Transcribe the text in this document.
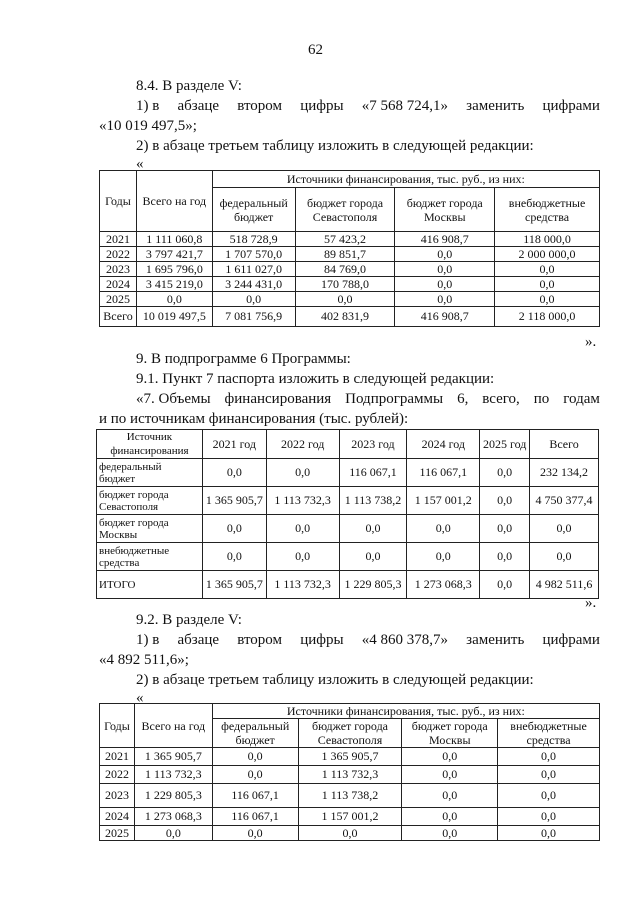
62
8.4. В разделе V:
1) в абзаце втором цифры «7 568 724,1» заменить цифрами
«10 019 497,5»;
2) в абзаце третьем таблицу изложить в следующей редакции:
«
Годы	Всего на год	Источники финансирования, тыс. руб., из них:			
		федеральный бюджет	бюджет города Севастополя	бюджет города Москвы	внебюджетные средства
2021	1 111 060,8	518 728,9	57 423,2	416 908,7	118 000,0
2022	3 797 421,7	1 707 570,0	89 851,7	0,0	2 000 000,0
2023	1 695 796,0	1 611 027,0	84 769,0	0,0	0,0
2024	3 415 219,0	3 244 431,0	170 788,0	0,0	0,0
2025	0,0	0,0	0,0	0,0	0,0
Всего	10 019 497,5	7 081 756,9	402 831,9	416 908,7	2 118 000,0
».
9. В подпрограмме 6 Программы:
9.1. Пункт 7 паспорта изложить в следующей редакции:
«7. Объемы финансирования Подпрограммы 6, всего, по годам
и по источникам финансирования (тыс. рублей):
Источник финансирования	2021 год	2022 год	2023 год	2024 год	2025 год	Всего
федеральный бюджет	0,0	0,0	116 067,1	116 067,1	0,0	232 134,2
бюджет города Севастополя	1 365 905,7	1 113 732,3	1 113 738,2	1 157 001,2	0,0	4 750 377,4
бюджет города Москвы	0,0	0,0	0,0	0,0	0,0	0,0
внебюджетные средства	0,0	0,0	0,0	0,0	0,0	0,0
ИТОГО	1 365 905,7	1 113 732,3	1 229 805,3	1 273 068,3	0,0	4 982 511,6
».
9.2. В разделе V:
1) в абзаце втором цифры «4 860 378,7» заменить цифрами
«4 892 511,6»;
2) в абзаце третьем таблицу изложить в следующей редакции:
«
Годы	Всего на год	Источники финансирования, тыс. руб., из них:			
		федеральный бюджет	бюджет города Севастополя	бюджет города Москвы	внебюджетные средства
2021	1 365 905,7	0,0	1 365 905,7	0,0	0,0
2022	1 113 732,3	0,0	1 113 732,3	0,0	0,0
2023	1 229 805,3	116 067,1	1 113 738,2	0,0	0,0
2024	1 273 068,3	116 067,1	1 157 001,2	0,0	0,0
2025	0,0	0,0	0,0	0,0	0,0
